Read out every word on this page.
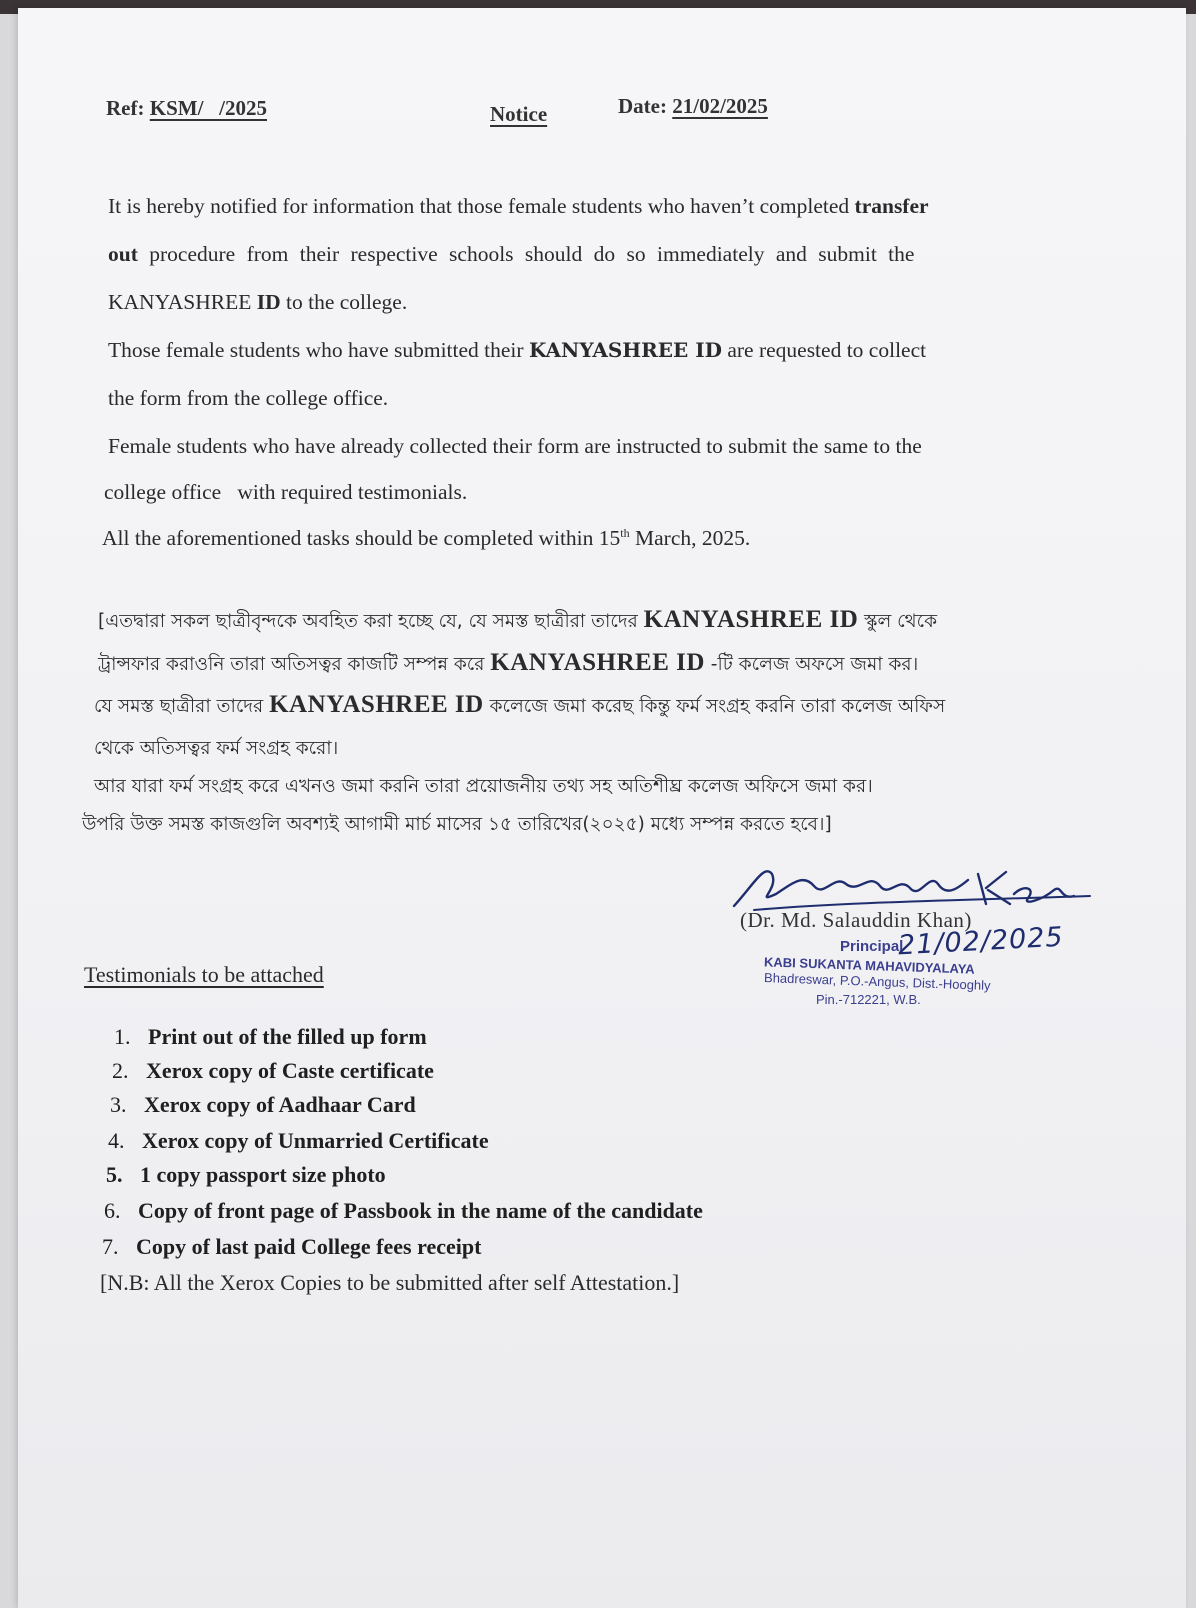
Ref: KSM/   /2025	Notice	Date: 21/02/2025
It is hereby notified for information that those female students who haven’t completed transfer
out procedure from their respective schools should do so immediately and submit the
KANYASHREE ID to the college.
Those female students who have submitted their KANYASHREE ID are requested to collect
the form from the college office.
Female students who have already collected their form are instructed to submit the same to the
college office   with required testimonials.
All the aforementioned tasks should be completed within 15th March, 2025.
[এতদ্বারা সকল ছাত্রীবৃন্দকে অবহিত করা হচ্ছে যে, যে সমস্ত ছাত্রীরা তাদের KANYASHREE ID স্কুল থেকে
ট্রান্সফার করাওনি তারা অতিসত্বর কাজটি সম্পন্ন করে KANYASHREE ID -টি কলেজ অফসে জমা কর।
যে সমস্ত ছাত্রীরা তাদের KANYASHREE ID কলেজে জমা করেছ কিন্তু ফর্ম সংগ্রহ করনি তারা কলেজ অফিস
থেকে অতিসত্বর ফর্ম সংগ্রহ করো।
আর যারা ফর্ম সংগ্রহ করে এখনও জমা করনি তারা প্রয়োজনীয় তথ্য সহ অতিশীঘ্র কলেজ অফিসে জমা কর।
উপরি উক্ত সমস্ত কাজগুলি অবশ্যই আগামী মার্চ মাসের ১৫ তারিখের(২০২৫) মধ্যে সম্পন্ন করতে হবে।]
(Dr. Md. Salauddin Khan)
Principal
21/02/2025
KABI SUKANTA MAHAVIDYALAYA
Bhadreswar, P.O.-Angus, Dist.-Hooghly
Pin.-712221, W.B.
Testimonials to be attached
1. Print out of the filled up form
2. Xerox copy of Caste certificate
3. Xerox copy of Aadhaar Card
4. Xerox copy of Unmarried Certificate
5. 1 copy passport size photo
6. Copy of front page of Passbook in the name of the candidate
7. Copy of last paid College fees receipt
[N.B: All the Xerox Copies to be submitted after self Attestation.]
